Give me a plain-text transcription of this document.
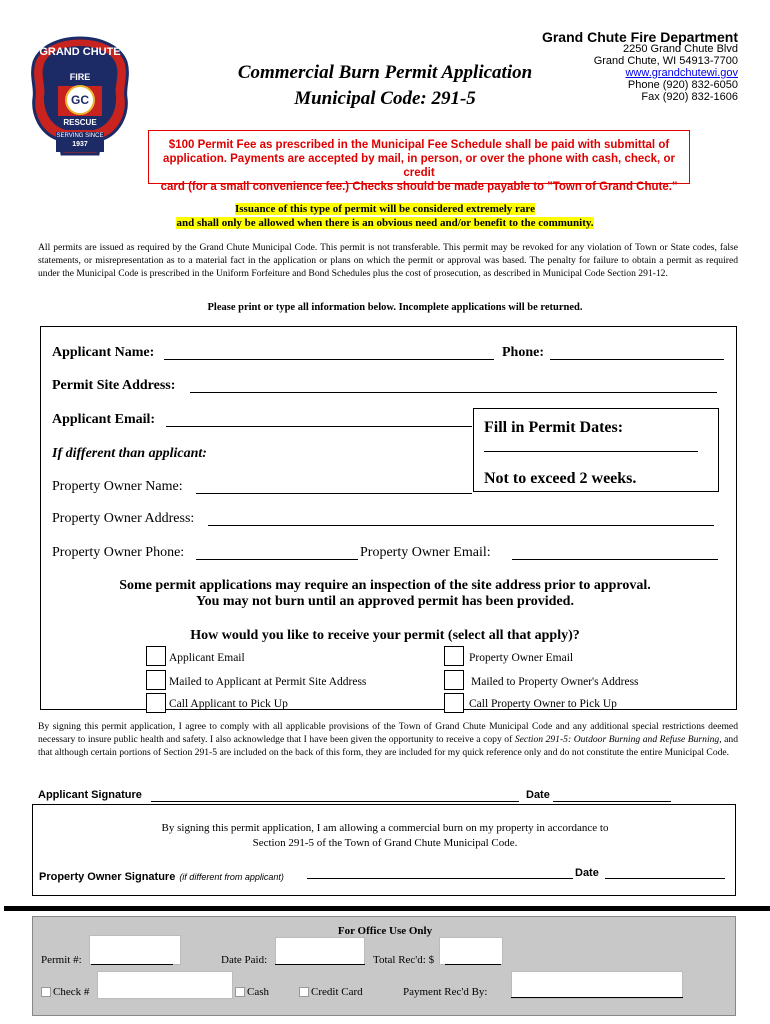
GRAND CHUTE
FIRE
GC
RESCUE
SERVING SINCE
1937
Commercial Burn Permit Application
Municipal Code: 291-5
Grand Chute Fire Department
2250 Grand Chute Blvd
Grand Chute, WI 54913-7700
www.grandchutewi.gov
Phone (920) 832-6050
Fax (920) 832-1606
$100 Permit Fee as prescribed in the Municipal Fee Schedule shall be paid with submittal of
application. Payments are accepted by mail, in person, or over the phone with cash, check, or credit
card (for a small convenience fee.) Checks should be made payable to "Town of Grand Chute."
Issuance of this type of permit will be considered extremely rare
and shall only be allowed when there is an obvious need and/or benefit to the community.
All permits are issued as required by the Grand Chute Municipal Code. This permit is not transferable. This permit may be revoked for any violation of Town or State codes, false statements, or misrepresentation as to a material fact in the application or plans on which the permit or approval was based. The penalty for failure to obtain a permit as required under the Municipal Code is prescribed in the Uniform Forfeiture and Bond Schedules plus the cost of prosecution, as described in Municipal Code Section 291-12.
Please print or type all information below. Incomplete applications will be returned.
Applicant Name:	Phone:
Permit Site Address:
Applicant Email:	Fill in Permit Dates:
Not to exceed 2 weeks.
If different than applicant:
Property Owner Name:
Property Owner Address:
Property Owner Phone:	Property Owner Email:
Some permit applications may require an inspection of the site address prior to approval.
You may not burn until an approved permit has been provided.
How would you like to receive your permit (select all that apply)?
Applicant Email	Property Owner Email
Mailed to Applicant at Permit Site Address	Mailed to Property Owner's Address
Call Applicant to Pick Up	Call Property Owner to Pick Up
By signing this permit application, I agree to comply with all applicable provisions of the Town of Grand Chute Municipal Code and any additional special restrictions deemed necessary to insure public health and safety. I also acknowledge that I have been given the opportunity to receive a copy of Section 291-5: Outdoor Burning and Refuse Burning, and that although certain portions of Section 291-5 are included on the back of this form, they are included for my quick reference only and do not constitute the entire Municipal Code.
Applicant Signature	Date
By signing this permit application, I am allowing a commercial burn on my property in accordance to
Section 291-5 of the Town of Grand Chute Municipal Code.
Property Owner Signature (if different from applicant)	Date
For Office Use Only
Permit #:	Date Paid:	Total Rec'd: $
Check #	Cash	Credit Card	Payment Rec'd By:
